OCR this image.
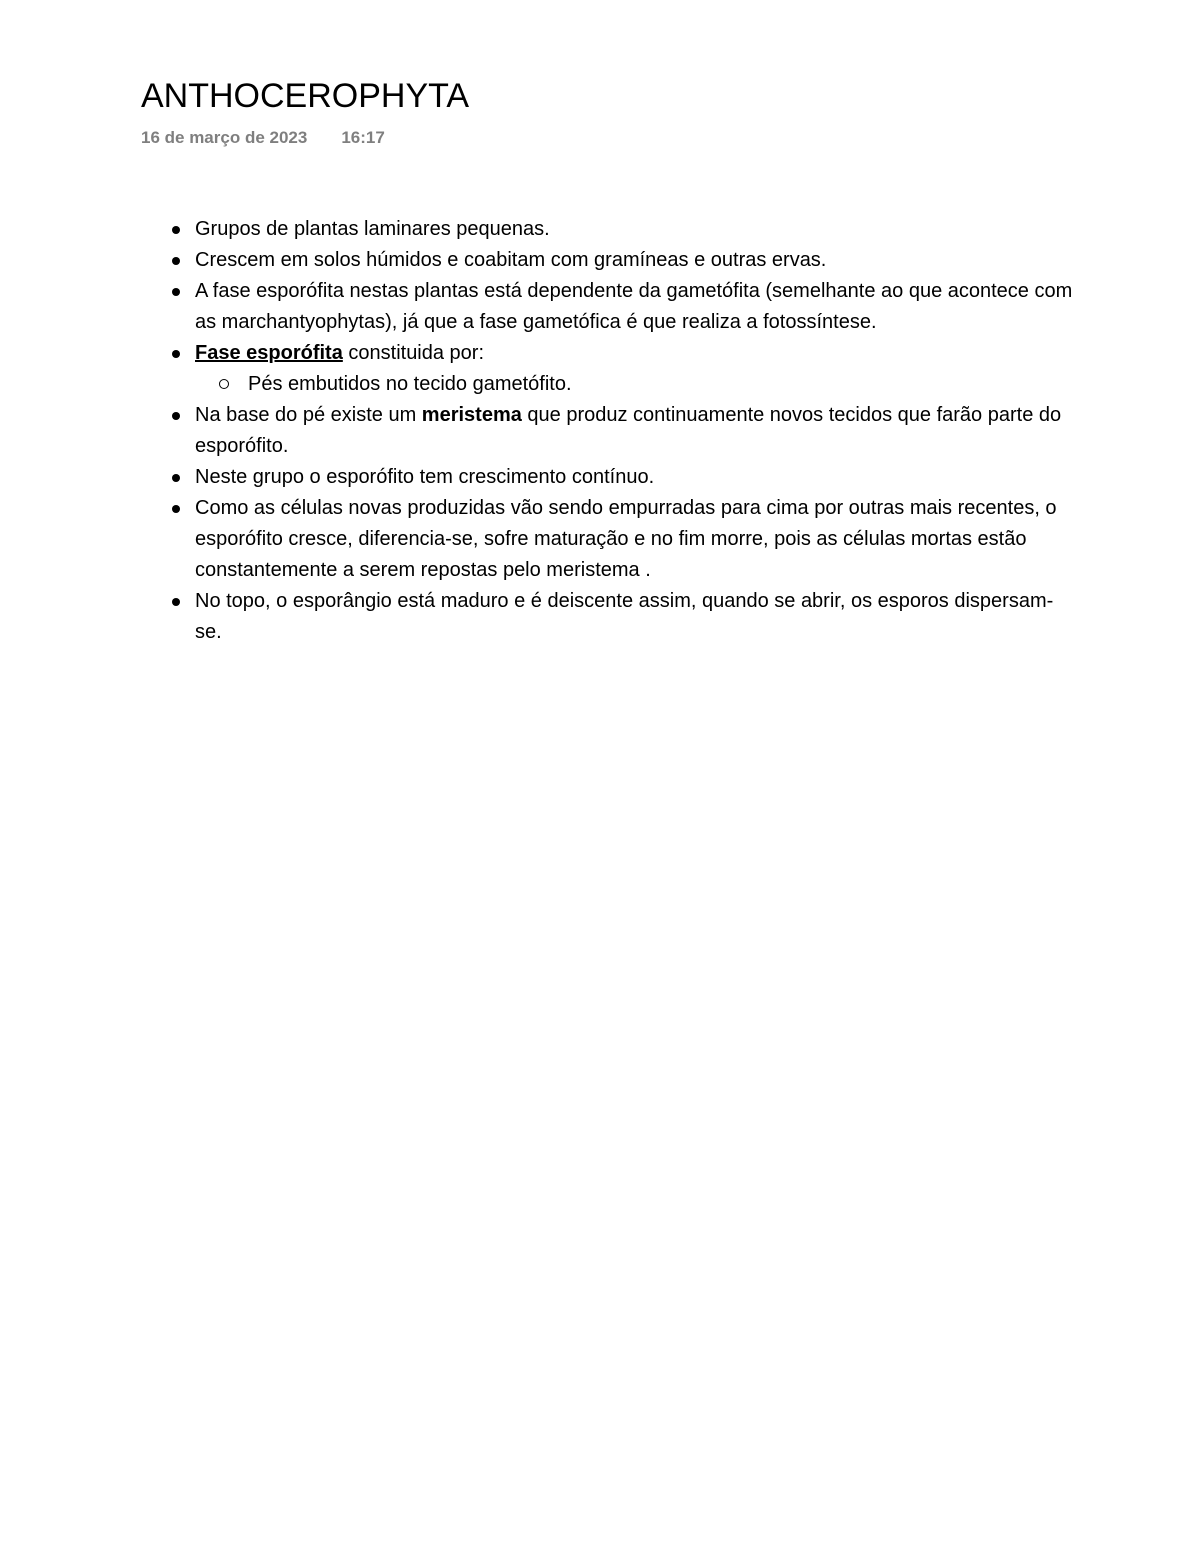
ANTHOCEROPHYTA
16 de março de 2023 16:17
Grupos de plantas laminares pequenas.
Crescem em solos húmidos e coabitam com gramíneas e outras ervas.
A fase esporófita nestas plantas está dependente da gametófita (semelhante ao que acontece com as marchantyophytas), já que a fase gametófica é que realiza a fotossíntese.
Fase esporófita constituida por:
Pés embutidos no tecido gametófito.
Na base do pé existe um meristema que produz continuamente novos tecidos que farão parte do esporófito.
Neste grupo o esporófito tem crescimento contínuo.
Como as células novas produzidas vão sendo empurradas para cima por outras mais recentes, o esporófito cresce, diferencia-se, sofre maturação e no fim morre, pois as células mortas estão constantemente a serem repostas pelo meristema .
No topo, o esporângio está maduro e é deiscente assim, quando se abrir, os esporos dispersam-se.
